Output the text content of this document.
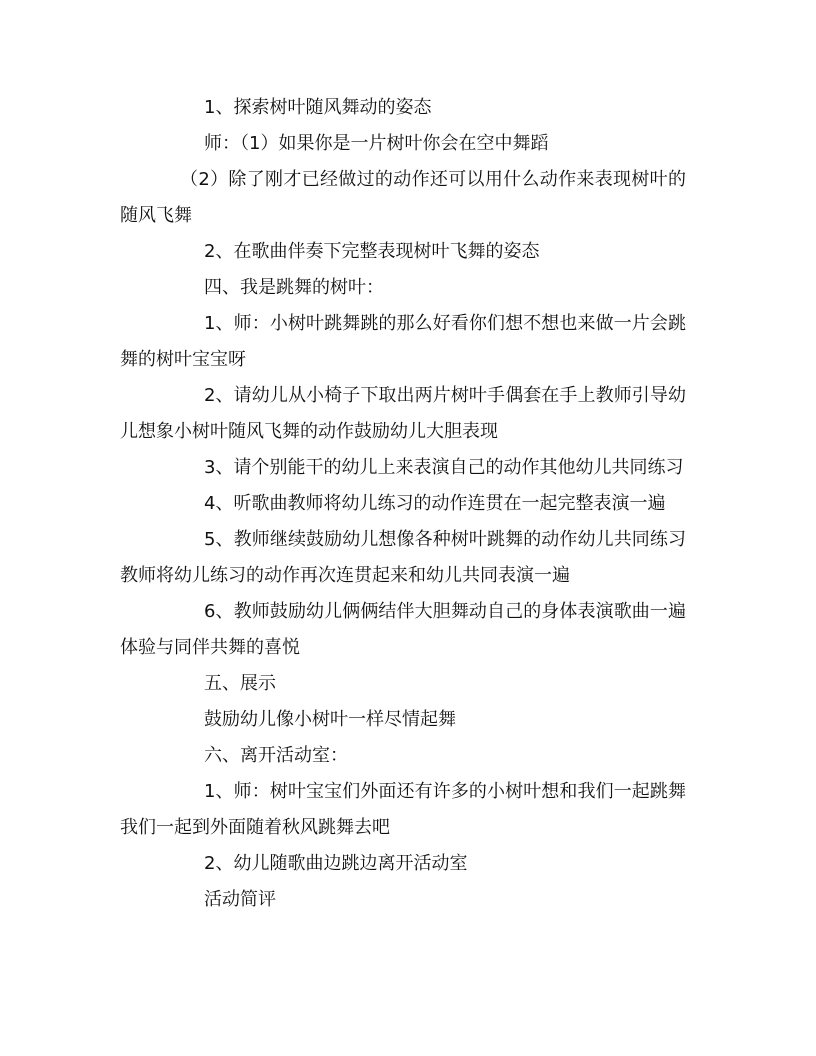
1、探索树叶随风舞动的姿态

师：（1）如果你是一片树叶你会在空中舞蹈

（2）除了刚才已经做过的动作还可以用什么动作来表现树叶的随风飞舞

2、在歌曲伴奏下完整表现树叶飞舞的姿态

四、我是跳舞的树叶：

1、师：小树叶跳舞跳的那么好看你们想不想也来做一片会跳舞的树叶宝宝呀

2、请幼儿从小椅子下取出两片树叶手偶套在手上教师引导幼儿想象小树叶随风飞舞的动作鼓励幼儿大胆表现

3、请个别能干的幼儿上来表演自己的动作其他幼儿共同练习

4、听歌曲教师将幼儿练习的动作连贯在一起完整表演一遍

5、教师继续鼓励幼儿想像各种树叶跳舞的动作幼儿共同练习教师将幼儿练习的动作再次连贯起来和幼儿共同表演一遍

6、教师鼓励幼儿俩俩结伴大胆舞动自己的身体表演歌曲一遍体验与同伴共舞的喜悦

五、展示

鼓励幼儿像小树叶一样尽情起舞

六、离开活动室：

1、师：树叶宝宝们外面还有许多的小树叶想和我们一起跳舞我们一起到外面随着秋风跳舞去吧

2、幼儿随歌曲边跳边离开活动室

活动简评
